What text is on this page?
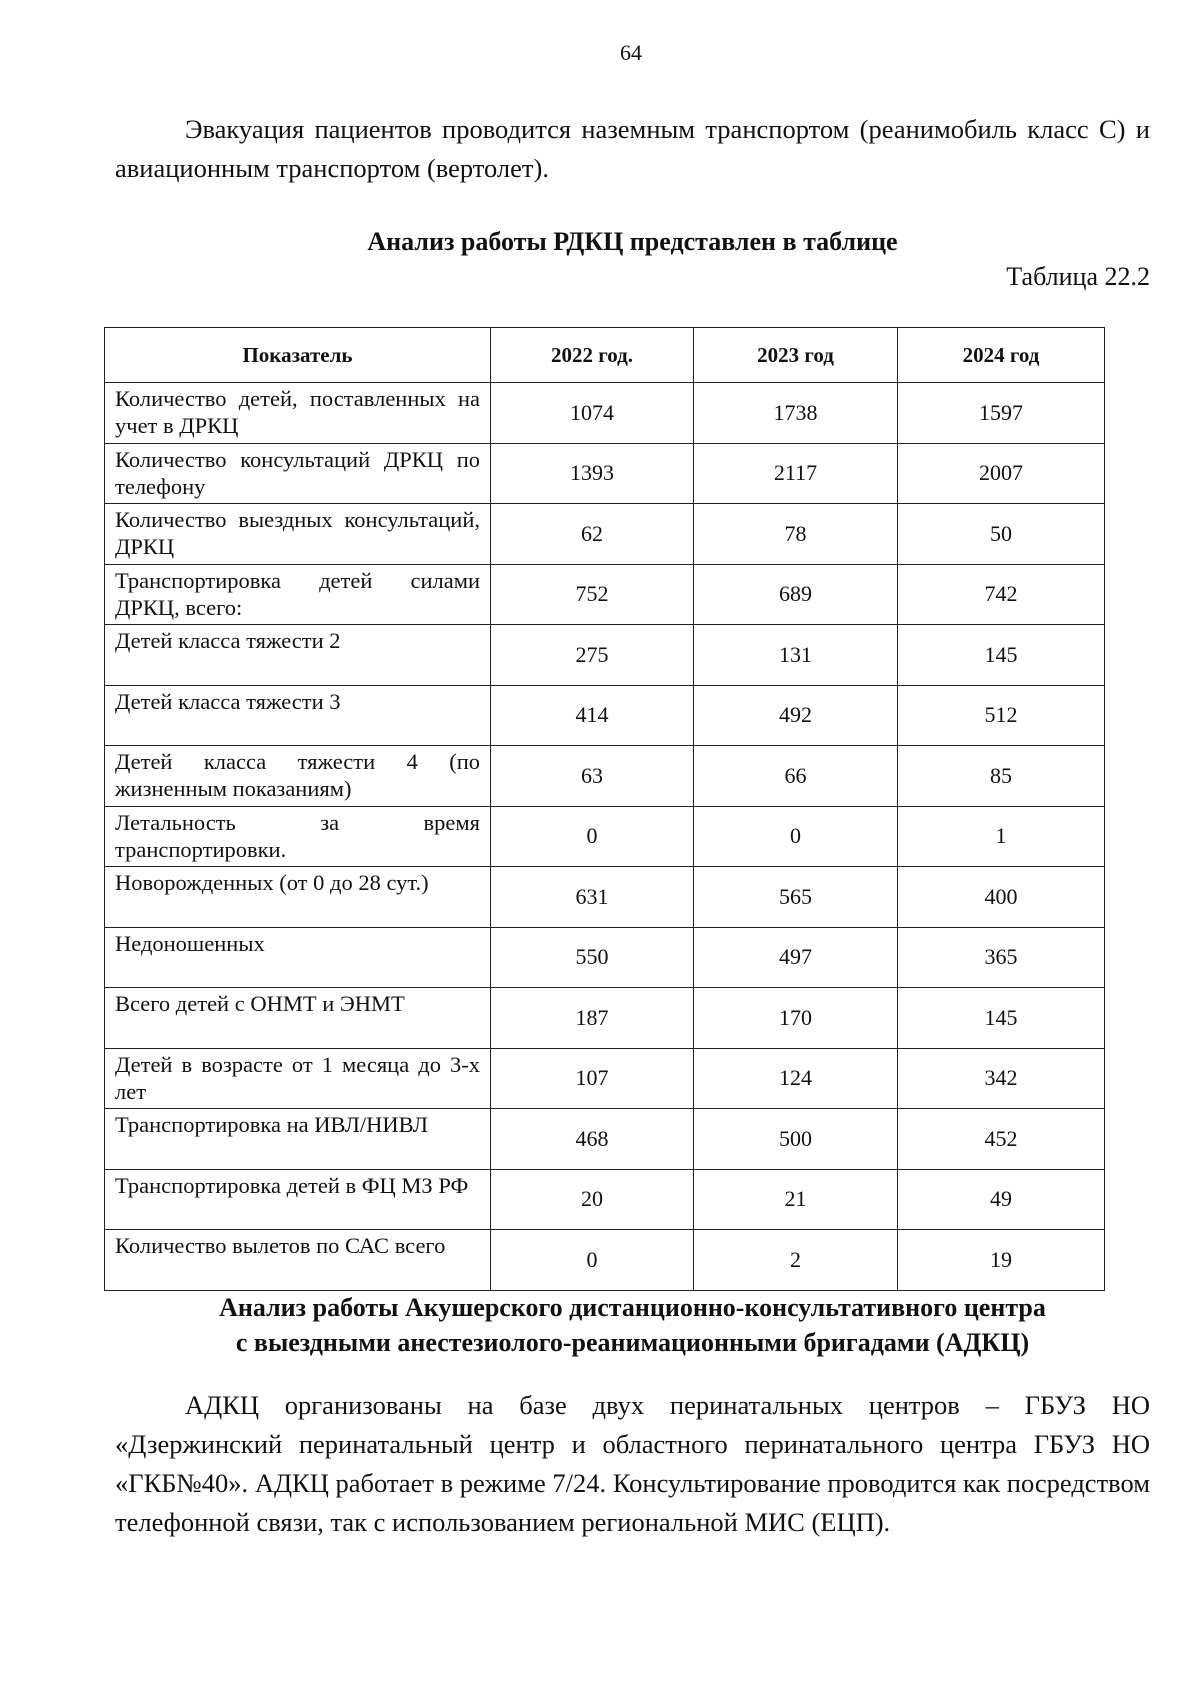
64

Эвакуация пациентов проводится наземным транспортом (реанимобиль класс С) и авиационным транспортом (вертолет).

Анализ работы РДКЦ представлен в таблице
Таблица 22.2
Показатель	2022 год.	2023 год	2024 год
Количество детей, поставленных на учет в ДРКЦ	1074	1738	1597
Количество консультаций ДРКЦ по телефону	1393	2117	2007
Количество выездных консультаций, ДРКЦ	62	78	50
Транспортировка детей силами ДРКЦ, всего:	752	689	742
Детей класса тяжести 2	275	131	145
Детей класса тяжести 3	414	492	512
Детей класса тяжести 4 (по жизненным показаниям)	63	66	85
Летальность за время транспортировки.	0	0	1
Новорожденных (от 0 до 28 сут.)	631	565	400
Недоношенных	550	497	365
Всего детей с ОНМТ и ЭНМТ	187	170	145
Детей в возрасте от 1 месяца до 3-х лет	107	124	342
Транспортировка на ИВЛ/НИВЛ	468	500	452
Транспортировка детей в ФЦ МЗ РФ	20	21	49
Количество вылетов по САС всего	0	2	19
Анализ работы Акушерского дистанционно-консультативного центра
с выездными анестезиолого-реанимационными бригадами (АДКЦ)

АДКЦ организованы на базе двух перинатальных центров – ГБУЗ НО «Дзержинский перинатальный центр и областного перинатального центра ГБУЗ НО «ГКБ№40». АДКЦ работает в режиме 7/24. Консультирование проводится как посредством телефонной связи, так с использованием региональной МИС (ЕЦП).
